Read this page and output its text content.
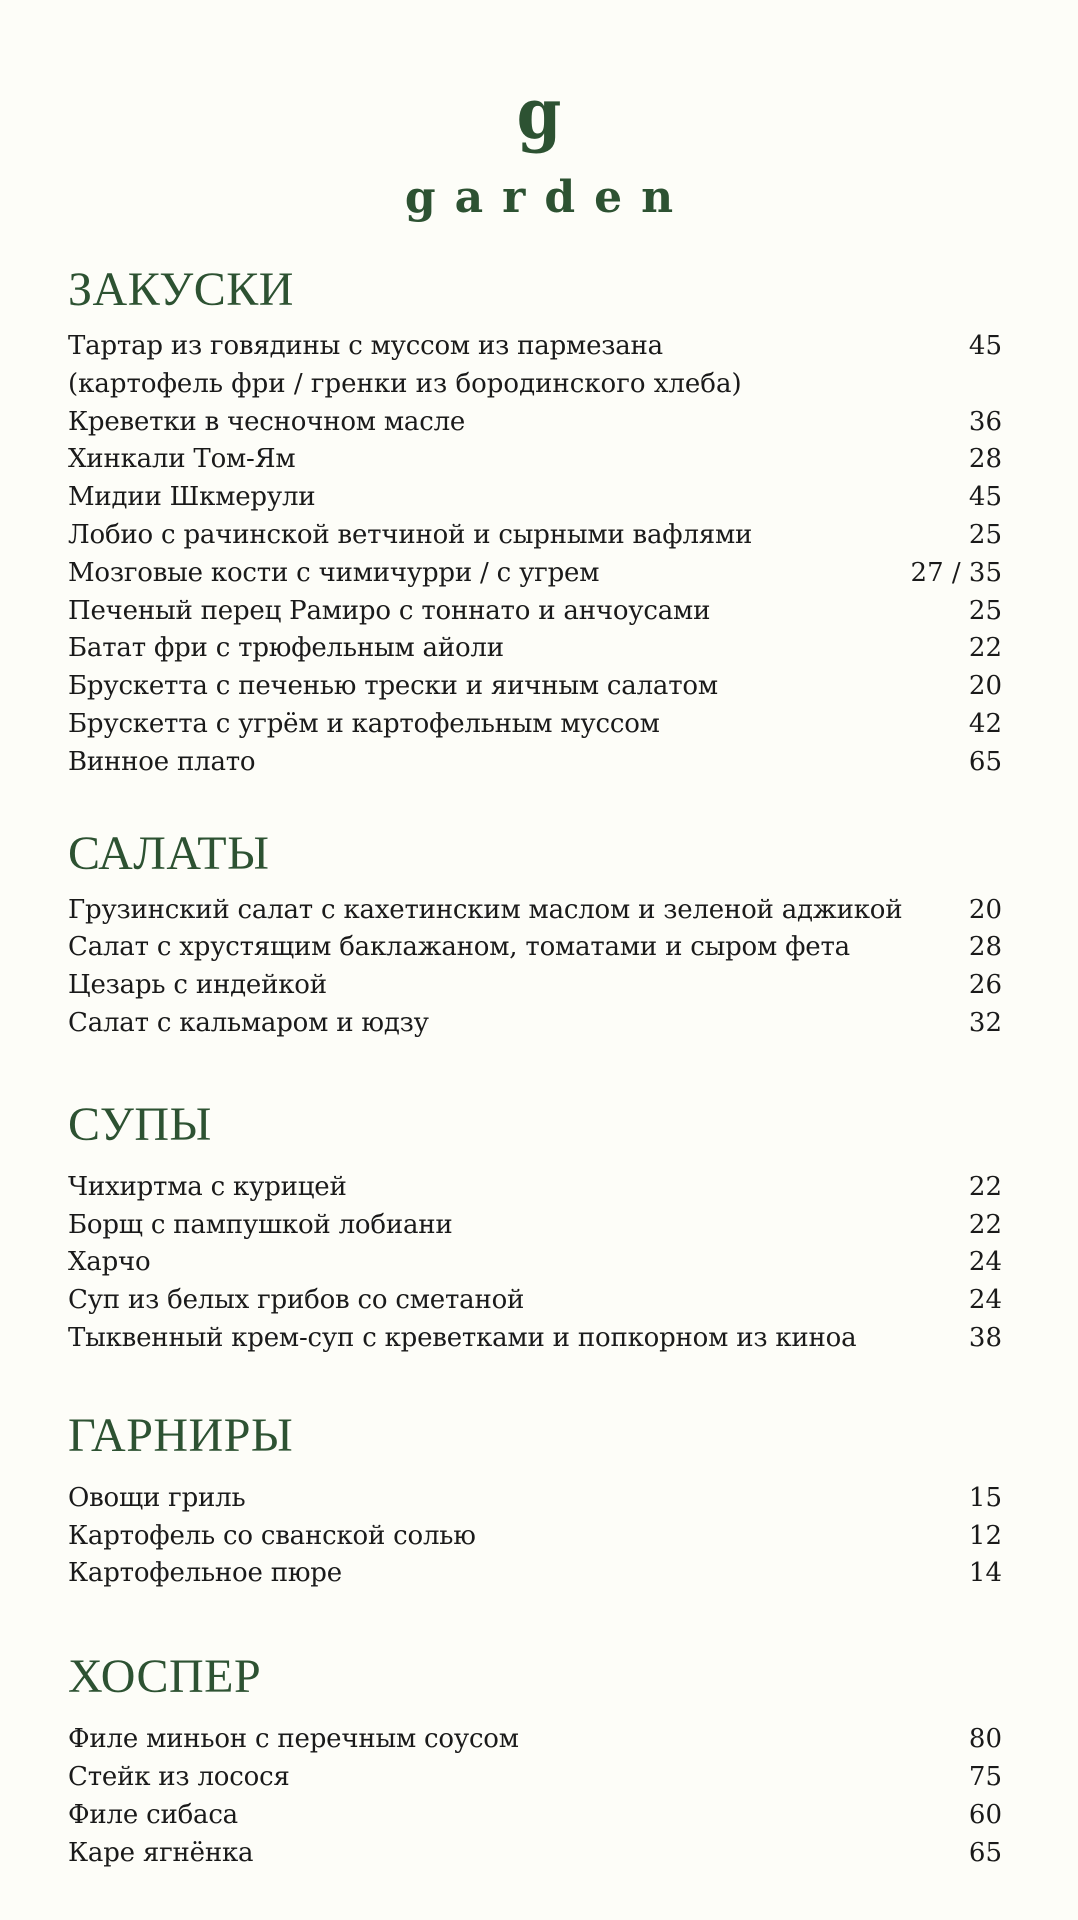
g
garden
ЗАКУСКИ
Тартар из говядины с муссом из пармезана	45
(картофель фри / гренки из бородинского хлеба)
Креветки в чесночном масле	36
Хинкали Том-Ям	28
Мидии Шкмерули	45
Лобио с рачинской ветчиной и сырными вафлями	25
Мозговые кости с чимичурри / с угрем	27 / 35
Печеный перец Рамиро с тоннато и анчоусами	25
Батат фри с трюфельным айоли	22
Брускетта с печенью трески и яичным салатом	20
Брускетта с угрём и картофельным муссом	42
Винное плато	65
САЛАТЫ
Грузинский салат с кахетинским маслом и зеленой аджикой	20
Салат с хрустящим баклажаном, томатами и сыром фета	28
Цезарь с индейкой	26
Салат с кальмаром и юдзу	32
СУПЫ
Чихиртма с курицей	22
Борщ с пампушкой лобиани	22
Харчо	24
Суп из белых грибов со сметаной	24
Тыквенный крем-суп с креветками и попкорном из киноа	38
ГАРНИРЫ
Овощи гриль	15
Картофель со сванской солью	12
Картофельное пюре	14
ХОСПЕР
Филе миньон с перечным соусом	80
Стейк из лосося	75
Филе сибаса	60
Каре ягнёнка	65
